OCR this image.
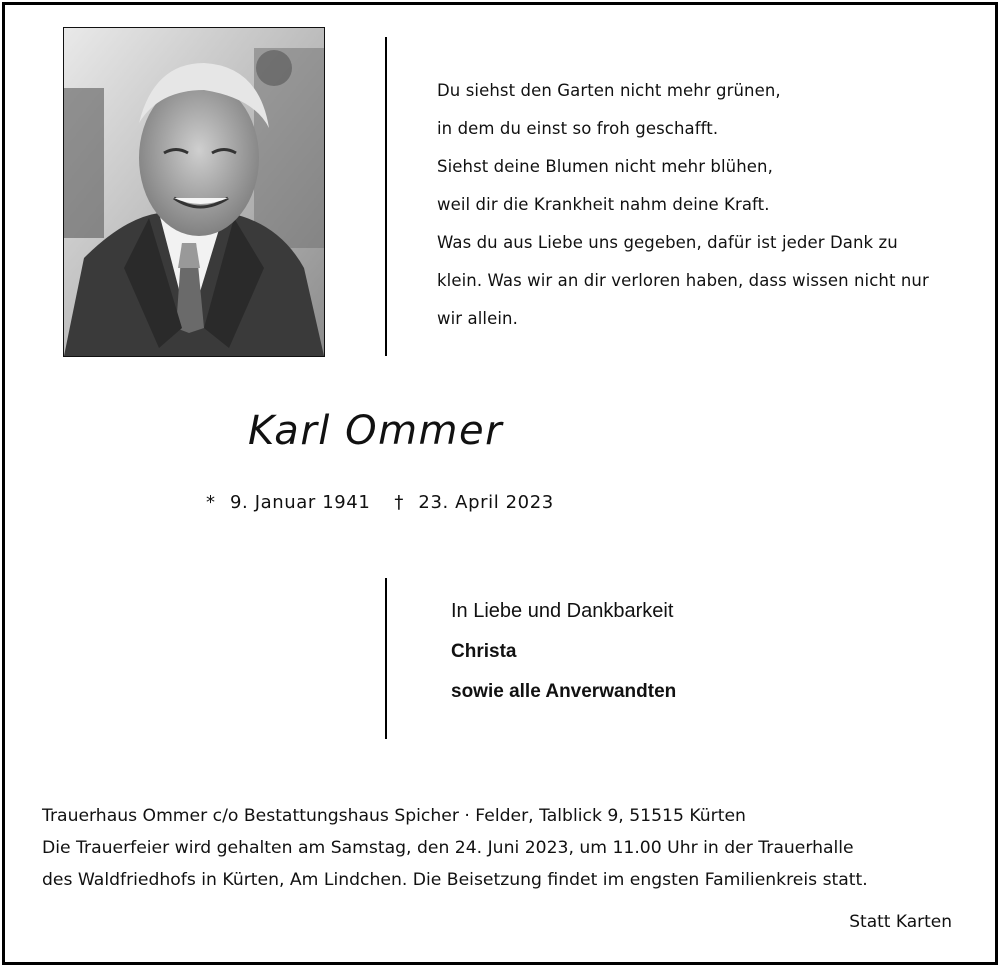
Du siehst den Garten nicht mehr grünen,
in dem du einst so froh geschafft.
Siehst deine Blumen nicht mehr blühen,
weil dir die Krankheit nahm deine Kraft.
Was du aus Liebe uns gegeben, dafür ist jeder Dank zu
klein. Was wir an dir verloren haben, dass wissen nicht nur
wir allein.
Karl Ommer
* 9. Januar 1941 † 23. April 2023
In Liebe und Dankbarkeit
Christa
sowie alle Anverwandten
Trauerhaus Ommer c/o Bestattungshaus Spicher · Felder, Talblick 9, 51515 Kürten
Die Trauerfeier wird gehalten am Samstag, den 24. Juni 2023, um 11.00 Uhr in der Trauerhalle
des Waldfriedhofs in Kürten, Am Lindchen. Die Beisetzung findet im engsten Familienkreis statt.
Statt Karten
